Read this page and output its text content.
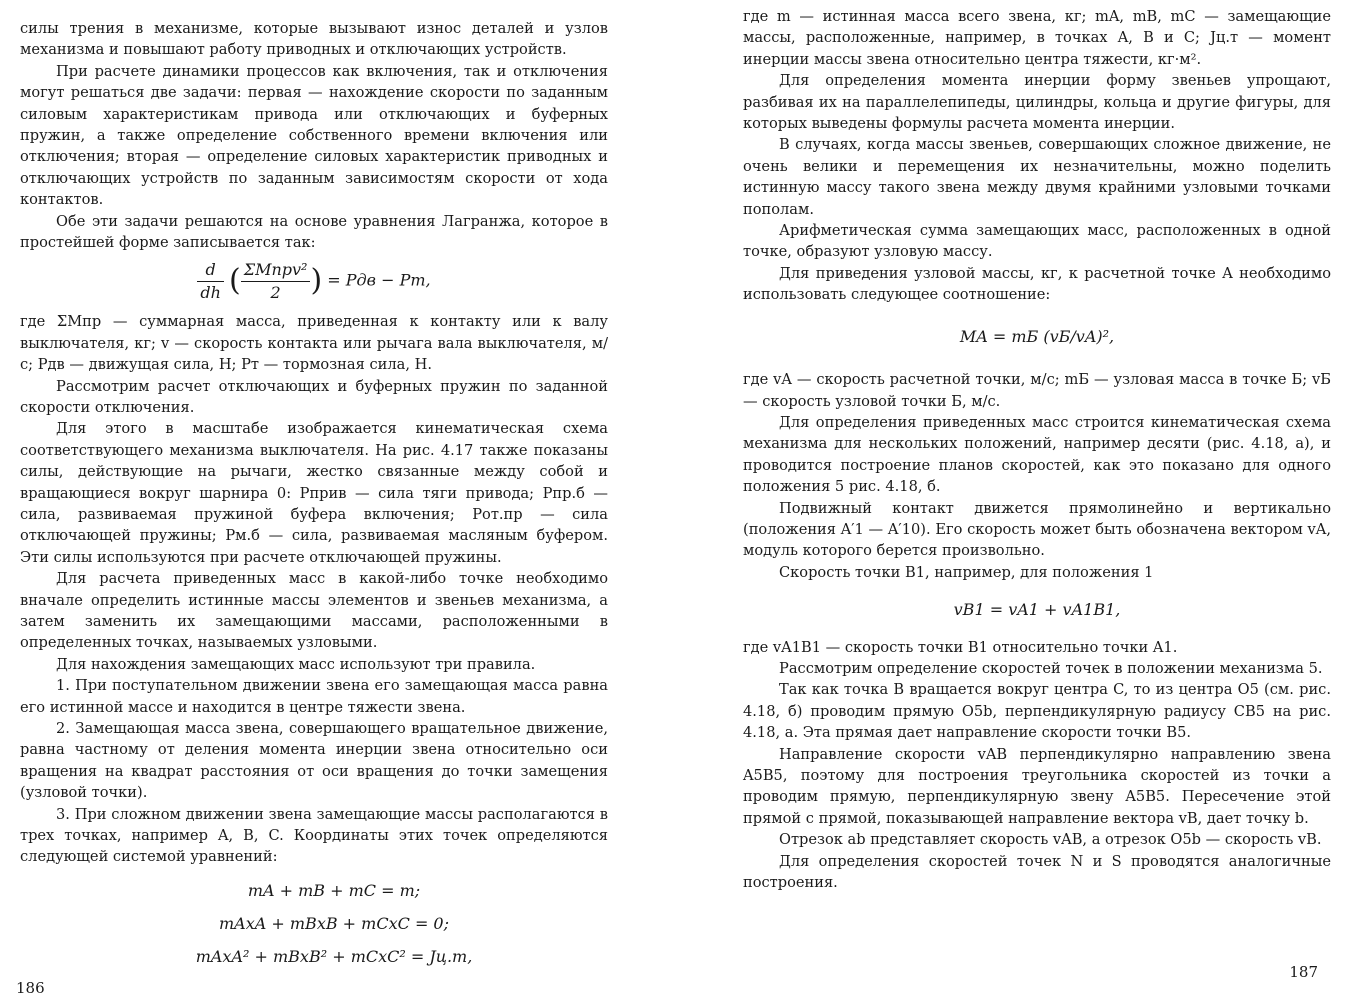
силы трения в механизме, которые вызывают износ деталей и узлов механизма и повышают работу приводных и отключающих устройств.

При расчете динамики процессов как включения, так и отключения могут решаться две задачи: первая — нахождение скорости по заданным силовым характеристикам привода или отключающих и буферных пружин, а также определение собственного времени включения или отключения; вторая — определение силовых характеристик приводных и отключающих устройств по заданным зависимостям скорости от хода контактов.

Обе эти задачи решаются на основе уравнения Лагранжа, которое в простейшей форме записывается так:

$\frac{d}{dh}$ ( $\frac{\text{ΣMпрv²}}{2}$ ) = Pдв − Pт,

где ΣMпр — суммарная масса, приведенная к контакту или к валу выключателя, кг; v — скорость контакта или рычага вала выключателя, м/с; Pдв — движущая сила, Н; Pт — тормозная сила, Н.

Рассмотрим расчет отключающих и буферных пружин по заданной скорости отключения.

Для этого в масштабе изображается кинематическая схема соответствующего механизма выключателя. На рис. 4.17 также показаны силы, действующие на рычаги, жестко связанные между собой и вращающиеся вокруг шарнира 0: Pприв — сила тяги привода; Pпр.б — сила, развиваемая пружиной буфера включения; Pот.пр — сила отключающей пружины; Pм.б — сила, развиваемая масляным буфером. Эти силы используются при расчете отключающей пружины.

Для расчета приведенных масс в какой-либо точке необходимо вначале определить истинные массы элементов и звеньев механизма, а затем заменить их замещающими массами, расположенными в определенных точках, называемых узловыми.

Для нахождения замещающих масс используют три правила.

1. При поступательном движении звена его замещающая масса равна его истинной массе и находится в центре тяжести звена.

2. Замещающая масса звена, совершающего вращательное движение, равна частному от деления момента инерции звена относительно оси вращения на квадрат расстояния от оси вращения до точки замещения (узловой точки).

3. При сложном движении звена замещающие массы располагаются в трех точках, например A, B, C. Координаты этих точек определяются следующей системой уравнений:

mA + mB + mC = m;
mAxA + mBxB + mCxC = 0;
mAxA² + mBxB² + mCxC² = Jц.т,
186

где m — истинная масса всего звена, кг; mA, mB, mC — замещающие массы, расположенные, например, в точках A, B и C; Jц.т — момент инерции массы звена относительно центра тяжести, кг·м².

Для определения момента инерции форму звеньев упрощают, разбивая их на параллелепипеды, цилиндры, кольца и другие фигуры, для которых выведены формулы расчета момента инерции.

В случаях, когда массы звеньев, совершающих сложное движение, не очень велики и перемещения их незначительны, можно поделить истинную массу такого звена между двумя крайними узловыми точками пополам.

Арифметическая сумма замещающих масс, расположенных в одной точке, образуют узловую массу.

Для приведения узловой массы, кг, к расчетной точке A необходимо использовать следующее соотношение:

MA = mБ (vБ/vA)²,

где vA — скорость расчетной точки, м/с; mБ — узловая масса в точке Б; vБ — скорость узловой точки Б, м/с.

Для определения приведенных масс строится кинематическая схема механизма для нескольких положений, например десяти (рис. 4.18, а), и проводится построение планов скоростей, как это показано для одного положения 5 рис. 4.18, б.

Подвижный контакт движется прямолинейно и вертикально (положения A′1 — A′10). Его скорость может быть обозначена вектором vA, модуль которого берется произвольно.

Скорость точки B1, например, для положения 1

vB1 = vA1 + vA1B1,

где vA1B1 — скорость точки B1 относительно точки A1.

Рассмотрим определение скоростей точек в положении механизма 5.

Так как точка B вращается вокруг центра C, то из центра O5 (см. рис. 4.18, б) проводим прямую O5b, перпендикулярную радиусу CB5 на рис. 4.18, а. Эта прямая дает направление скорости точки B5.

Направление скорости vAB перпендикулярно направлению звена A5B5, поэтому для построения треугольника скоростей из точки a проводим прямую, перпендикулярную звену A5B5. Пересечение этой прямой с прямой, показывающей направление вектора vB, дает точку b.

Отрезок ab представляет скорость vAB, а отрезок O5b — скорость vB.

Для определения скоростей точек N и S проводятся аналогичные построения.

187
